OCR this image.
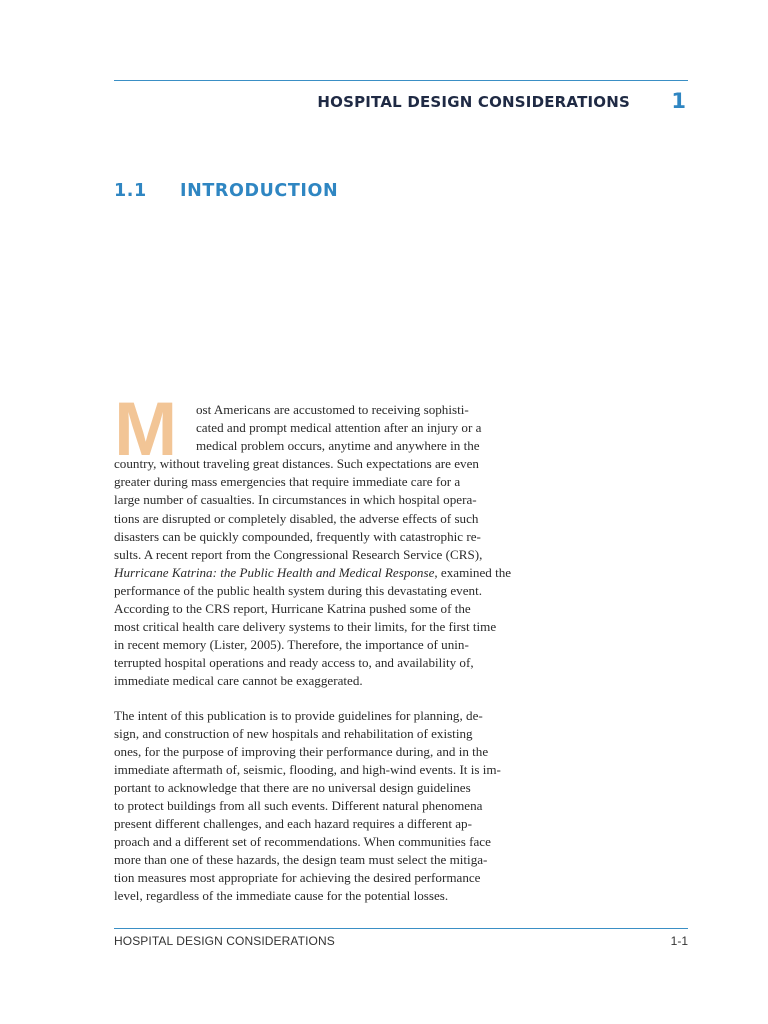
HOSPITAL DESIGN CONSIDERATIONS 1
1.1 INTRODUCTION
M	ost Americans are accustomed to receiving sophisti-
cated and prompt medical attention after an injury or a
medical problem occurs, anytime and anywhere in the
country, without traveling great distances. Such expectations are even
greater during mass emergencies that require immediate care for a
large number of casualties. In circumstances in which hospital opera-
tions are disrupted or completely disabled, the adverse effects of such
disasters can be quickly compounded, frequently with catastrophic re-
sults. A recent report from the Congressional Research Service (CRS),
Hurricane Katrina: the Public Health and Medical Response, examined the
performance of the public health system during this devastating event.
According to the CRS report, Hurricane Katrina pushed some of the
most critical health care delivery systems to their limits, for the first time
in recent memory (Lister, 2005). Therefore, the importance of unin-
terrupted hospital operations and ready access to, and availability of,
immediate medical care cannot be exaggerated.
The intent of this publication is to provide guidelines for planning, de-
sign, and construction of new hospitals and rehabilitation of existing
ones, for the purpose of improving their performance during, and in the
immediate aftermath of, seismic, flooding, and high-wind events. It is im-
portant to acknowledge that there are no universal design guidelines
to protect buildings from all such events. Different natural phenomena
present different challenges, and each hazard requires a different ap-
proach and a different set of recommendations. When communities face
more than one of these hazards, the design team must select the mitiga-
tion measures most appropriate for achieving the desired performance
level, regardless of the immediate cause for the potential losses.
HOSPITAL DESIGN CONSIDERATIONS	1-1
